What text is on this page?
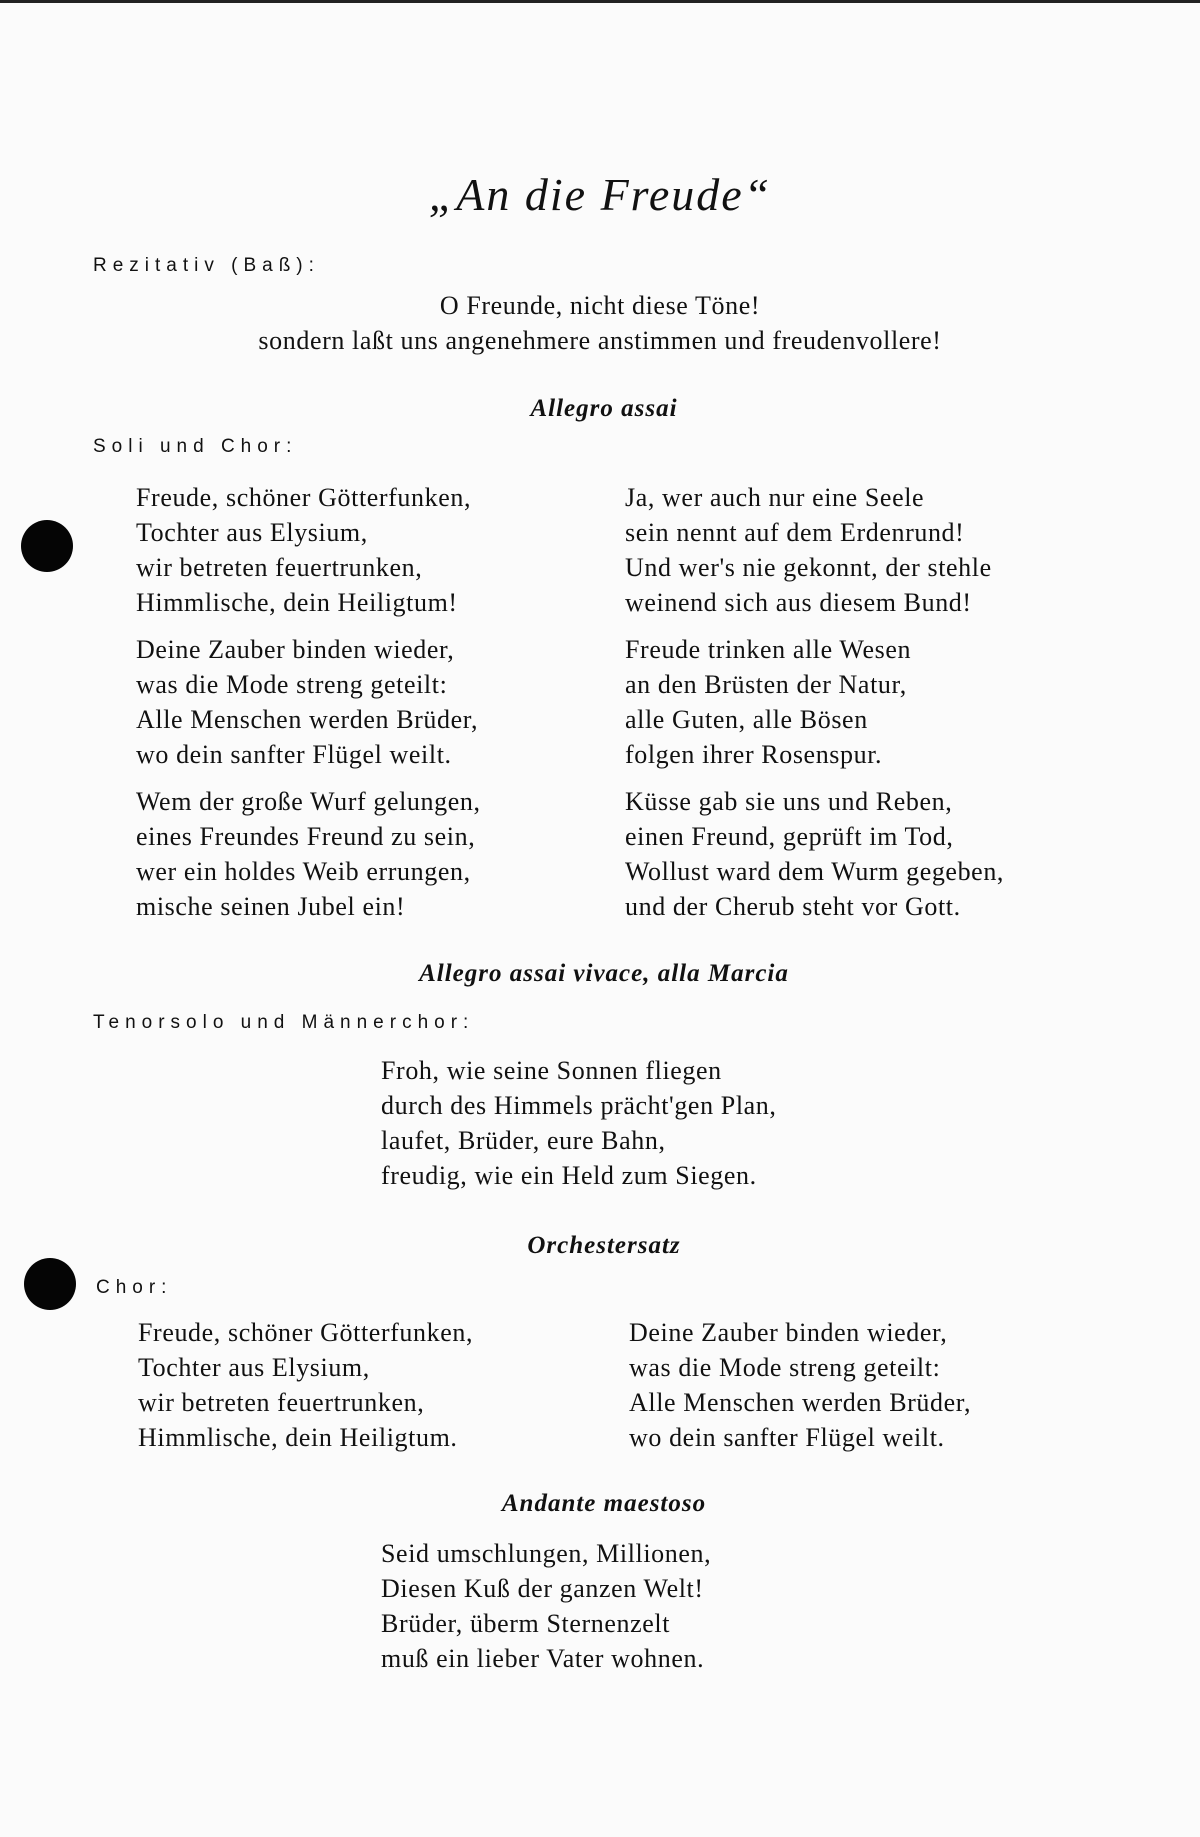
„An die Freude“
Rezitativ (Baß):
O Freunde, nicht diese Töne!
sondern laßt uns angenehmere anstimmen und freudenvollere!
Allegro assai
Soli und Chor:
Freude, schöner Götterfunken,
Tochter aus Elysium,
wir betreten feuertrunken,
Himmlische, dein Heiligtum!
Deine Zauber binden wieder,
was die Mode streng geteilt:
Alle Menschen werden Brüder,
wo dein sanfter Flügel weilt.
Wem der große Wurf gelungen,
eines Freundes Freund zu sein,
wer ein holdes Weib errungen,
mische seinen Jubel ein!
Ja, wer auch nur eine Seele
sein nennt auf dem Erdenrund!
Und wer's nie gekonnt, der stehle
weinend sich aus diesem Bund!
Freude trinken alle Wesen
an den Brüsten der Natur,
alle Guten, alle Bösen
folgen ihrer Rosenspur.
Küsse gab sie uns und Reben,
einen Freund, geprüft im Tod,
Wollust ward dem Wurm gegeben,
und der Cherub steht vor Gott.
Allegro assai vivace, alla Marcia
Tenorsolo und Männerchor:
Froh, wie seine Sonnen fliegen
durch des Himmels prächt'gen Plan,
laufet, Brüder, eure Bahn,
freudig, wie ein Held zum Siegen.
Orchestersatz
Chor:
Freude, schöner Götterfunken,
Tochter aus Elysium,
wir betreten feuertrunken,
Himmlische, dein Heiligtum.
Deine Zauber binden wieder,
was die Mode streng geteilt:
Alle Menschen werden Brüder,
wo dein sanfter Flügel weilt.
Andante maestoso
Seid umschlungen, Millionen,
Diesen Kuß der ganzen Welt!
Brüder, überm Sternenzelt
muß ein lieber Vater wohnen.
